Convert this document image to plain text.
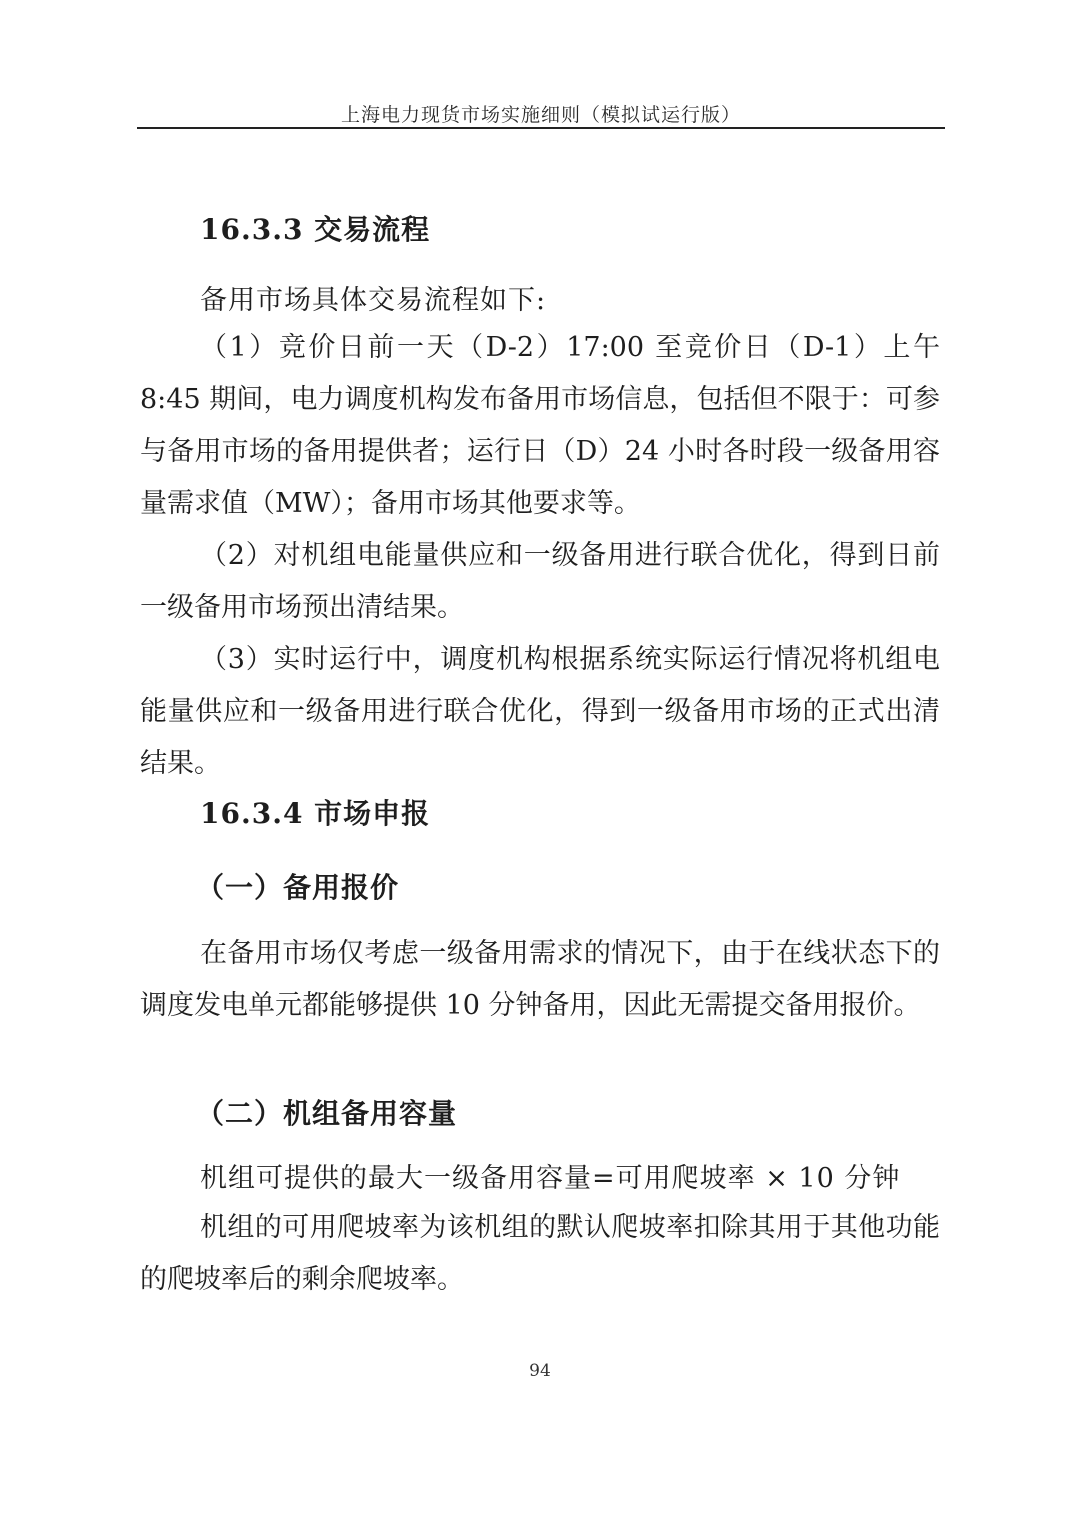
上海电力现货市场实施细则（模拟试运行版）
16.3.3 交易流程
备用市场具体交易流程如下:
（1）竞价日前一天（D-2）17:00 至竞价日（D-1）上午 8:45 期间，电力调度机构发布备用市场信息，包括但不限于：可参与备用市场的备用提供者；运行日（D）24 小时各时段一级备用容量需求值（MW）；备用市场其他要求等。
（2）对机组电能量供应和一级备用进行联合优化，得到日前一级备用市场预出清结果。
（3）实时运行中，调度机构根据系统实际运行情况将机组电能量供应和一级备用进行联合优化，得到一级备用市场的正式出清结果。
16.3.4 市场申报
（一）备用报价
在备用市场仅考虑一级备用需求的情况下，由于在线状态下的调度发电单元都能够提供 10 分钟备用，因此无需提交备用报价。
（二）机组备用容量
机组可提供的最大一级备用容量=可用爬坡率 × 10 分钟
机组的可用爬坡率为该机组的默认爬坡率扣除其用于其他功能的爬坡率后的剩余爬坡率。
94
